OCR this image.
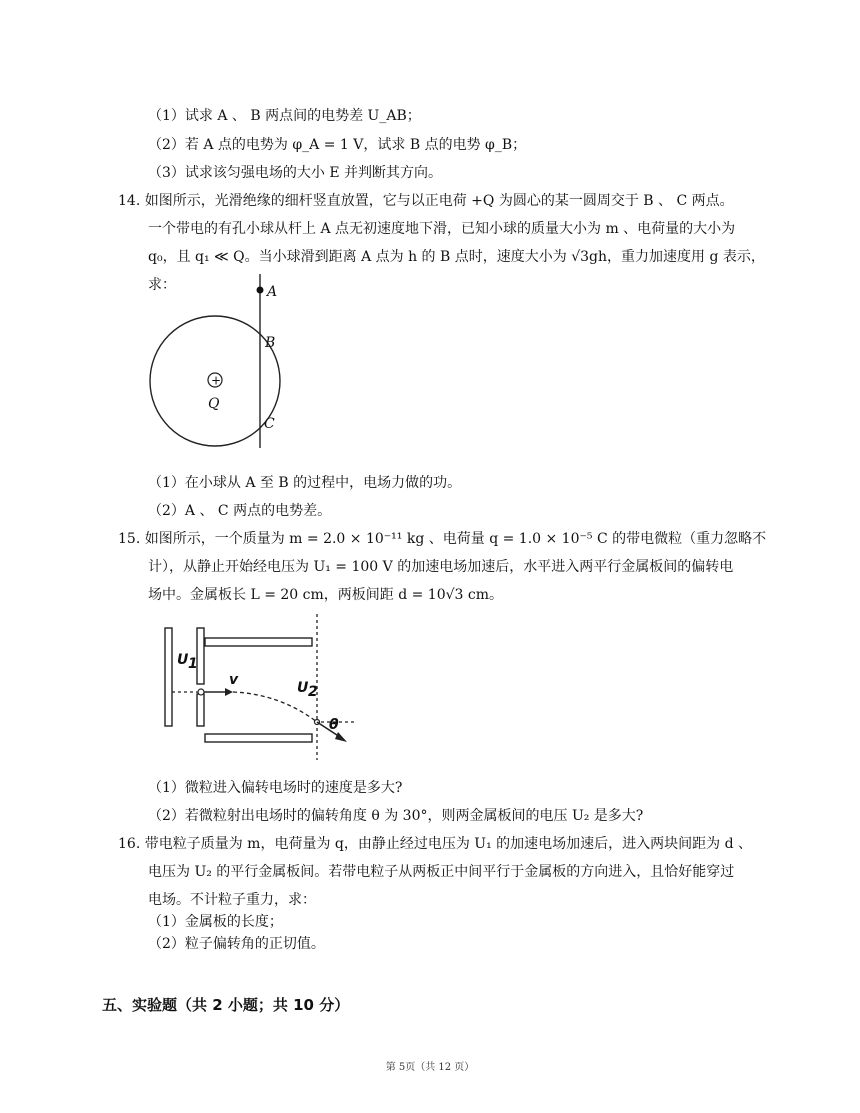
（1）试求 A 、 B 两点间的电势差 U_AB；
（2）若 A 点的电势为 φ_A = 1 V，试求 B 点的电势 φ_B；
（3）试求该匀强电场的大小 E 并判断其方向。
14. 如图所示，光滑绝缘的细杆竖直放置，它与以正电荷 +Q 为圆心的某一圆周交于 B 、 C 两点。
一个带电的有孔小球从杆上 A 点无初速度地下滑，已知小球的质量大小为 m 、电荷量的大小为
q₀，且 q₁ ≪ Q。当小球滑到距离 A 点为 h 的 B 点时，速度大小为 √3gh，重力加速度用 g 表示，
求：	A
B
C
+
Q
（1）在小球从 A 至 B 的过程中，电场力做的功。
（2）A 、 C 两点的电势差。
15. 如图所示，一个质量为 m = 2.0 × 10⁻¹¹ kg 、电荷量 q = 1.0 × 10⁻⁵ C 的带电微粒（重力忽略不
计），从静止开始经电压为 U₁ = 100 V 的加速电场加速后，水平进入两平行金属板间的偏转电
场中。金属板长 L = 20 cm，两板间距 d = 10√3 cm。
U 1
v	U 2
θ
（1）微粒进入偏转电场时的速度是多大?
（2）若微粒射出电场时的偏转角度 θ 为 30°，则两金属板间的电压 U₂ 是多大?
16. 带电粒子质量为 m，电荷量为 q，由静止经过电压为 U₁ 的加速电场加速后，进入两块间距为 d 、
电压为 U₂ 的平行金属板间。若带电粒子从两板正中间平行于金属板的方向进入，且恰好能穿过
电场。不计粒子重力，求：
（1）金属板的长度；
（2）粒子偏转角的正切值。
五、实验题（共 2 小题；共 10 分）
第 5页（共 12 页）
